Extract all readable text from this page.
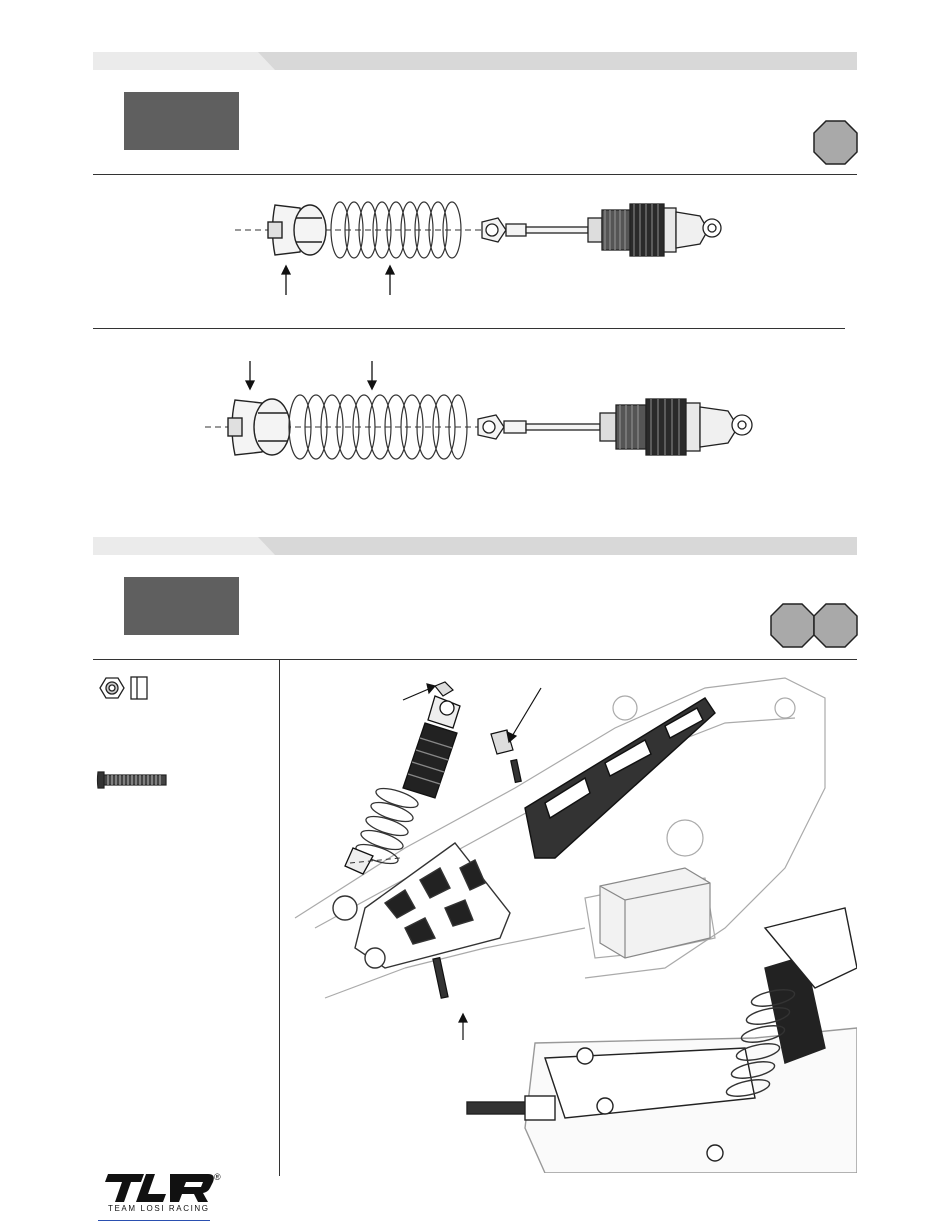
®
TEAM LOSI RACING
